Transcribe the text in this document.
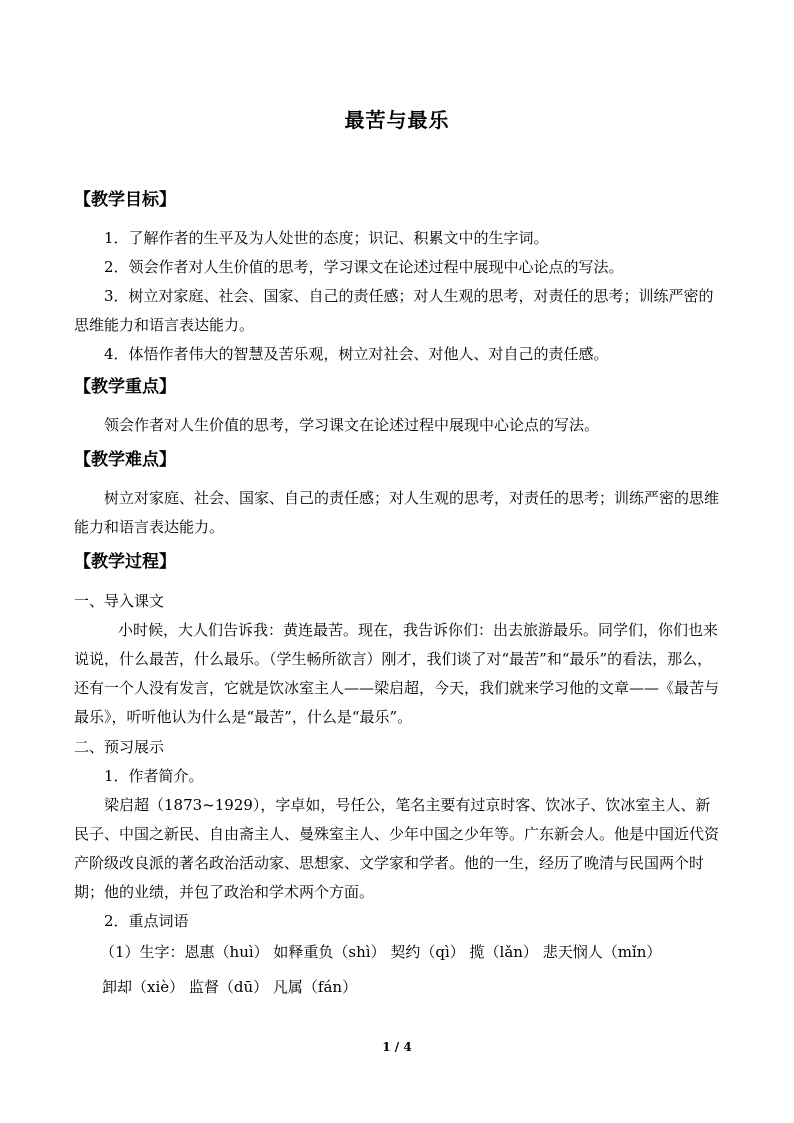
最苦与最乐

【教学目标】

1．了解作者的生平及为人处世的态度；识记、积累文中的生字词。

2．领会作者对人生价值的思考，学习课文在论述过程中展现中心论点的写法。

3．树立对家庭、社会、国家、自己的责任感；对人生观的思考，对责任的思考；训练严密的思维能力和语言表达能力。

4．体悟作者伟大的智慧及苦乐观，树立对社会、对他人、对自己的责任感。

【教学重点】

领会作者对人生价值的思考，学习课文在论述过程中展现中心论点的写法。

【教学难点】

树立对家庭、社会、国家、自己的责任感；对人生观的思考，对责任的思考；训练严密的思维能力和语言表达能力。

【教学过程】

一、导入课文

小时候，大人们告诉我：黄连最苦。现在，我告诉你们：出去旅游最乐。同学们，你们也来说说，什么最苦，什么最乐。（学生畅所欲言）刚才，我们谈了对“最苦”和“最乐”的看法，那么，还有一个人没有发言，它就是饮冰室主人——梁启超，今天，我们就来学习他的文章——《最苦与最乐》，听听他认为什么是“最苦”，什么是“最乐”。

二、预习展示

1．作者简介。

梁启超（1873~1929），字卓如，号任公，笔名主要有过京时客、饮冰子、饮冰室主人、新民子、中国之新民、自由斋主人、曼殊室主人、少年中国之少年等。广东新会人。他是中国近代资产阶级改良派的著名政治活动家、思想家、文学家和学者。他的一生，经历了晚清与民国两个时期；他的业绩，并包了政治和学术两个方面。

2．重点词语

（1）生字：恩惠（huì） 如释重负（shì） 契约（qì） 揽（lǎn） 悲天悯人（mǐn）

卸却（xiè） 监督（dū） 凡属（fán）

1 / 4
